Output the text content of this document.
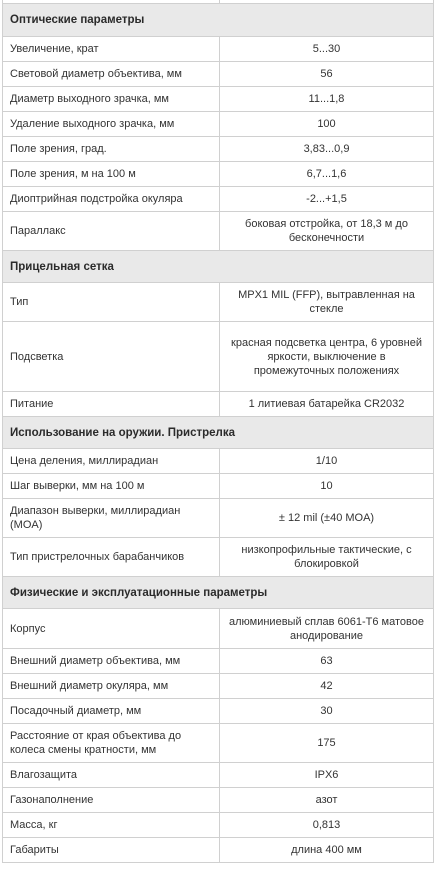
Оптические параметры	
Увеличение, крат	5...30
Световой диаметр объектива, мм	56
Диаметр выходного зрачка, мм	11...1,8
Удаление выходного зрачка, мм	100
Поле зрения, град.	3,83...0,9
Поле зрения, м на 100 м	6,7...1,6
Диоптрийная подстройка окуляра	-2...+1,5
Параллакс	боковая отстройка, от 18,3 м до бесконечности
Прицельная сетка	
Тип	MPX1 MIL (FFP), вытравленная на стекле
Подсветка	красная подсветка центра, 6 уровней яркости, выключение в промежуточных положениях
Питание	1 литиевая батарейка CR2032
Использование на оружии. Пристрелка	
Цена деления, миллирадиан	1/10
Шаг выверки, мм на 100 м	10
Диапазон выверки, миллирадиан (MOA)	± 12 mil (±40 MOA)
Тип пристрелочных барабанчиков	низкопрофильные тактические, с блокировкой
Физические и эксплуатационные параметры	
Корпус	алюминиевый сплав 6061-T6 матовое анодирование
Внешний диаметр объектива, мм	63
Внешний диаметр окуляра, мм	42
Посадочный диаметр, мм	30
Расстояние от края объектива до колеса смены кратности, мм	175
Влагозащита	IPX6
Газонаполнение	азот
Масса, кг	0,813
Габариты	длина 400 мм
